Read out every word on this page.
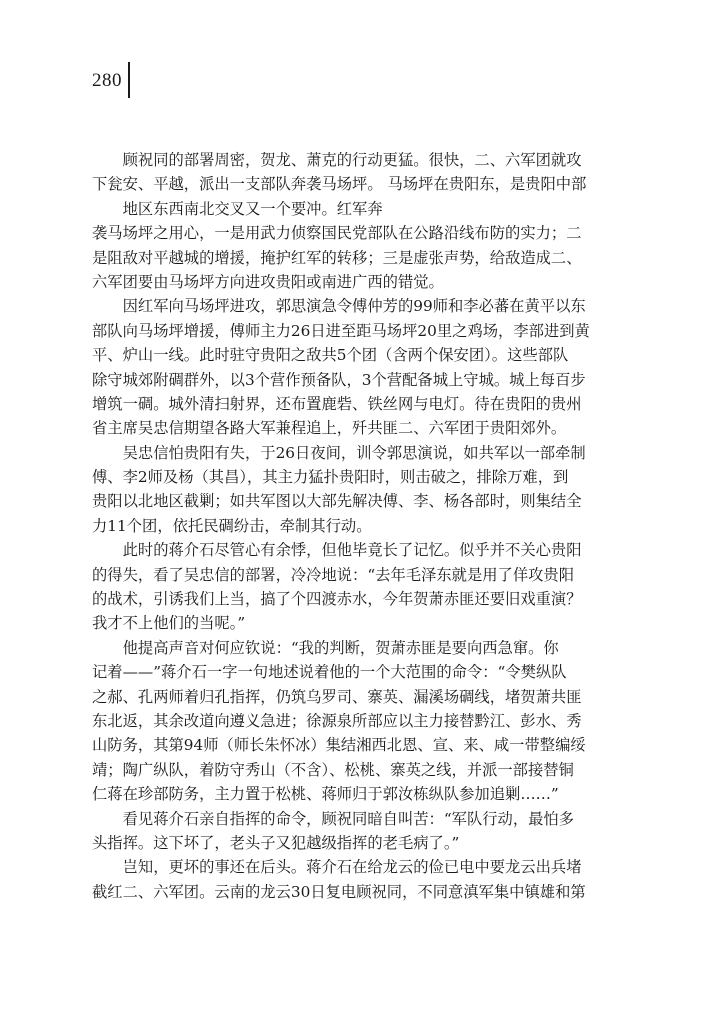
280
　　顾祝同的部署周密，贺龙、萧克的行动更猛。很快，二、六军团就攻
下瓮安、平越，派出一支部队奔袭马场坪。 马场坪在贵阳东，是贵阳中部
　　地区东西南北交叉又一个要冲。红军奔
袭马场坪之用心，一是用武力侦察国民党部队在公路沿线布防的实力；二
是阻敌对平越城的增援，掩护红军的转移；三是虚张声势，给敌造成二、
六军团要由马场坪方向进攻贵阳或南进广西的错觉。
　　因红军向马场坪进攻，郭思演急令傅仲芳的99师和李必蕃在黄平以东
部队向马场坪增援，傅师主力26日进至距马场坪20里之鸡场，李部进到黄
平、炉山一线。此时驻守贵阳之敌共5个团（含两个保安团）。这些部队
除守城郊附碉群外，以3个营作预备队，3个营配备城上守城。城上每百步
增筑一碉。城外清扫射界，还布置鹿砦、铁丝网与电灯。待在贵阳的贵州
省主席吴忠信期望各路大军兼程追上，歼共匪二、六军团于贵阳郊外。
　　吴忠信怕贵阳有失，于26日夜间，训令郭思演说，如共军以一部牵制
傅、李2师及杨（其昌），其主力猛扑贵阳时，则击破之，排除万难，到
贵阳以北地区截剿；如共军图以大部先解决傅、李、杨各部时，则集结全
力11个团，依托民碉纷击，牵制其行动。
　　此时的蒋介石尽管心有余悸，但他毕竟长了记忆。似乎并不关心贵阳
的得失，看了吴忠信的部署，冷冷地说：“去年毛泽东就是用了佯攻贵阳
的战术，引诱我们上当，搞了个四渡赤水，今年贺萧赤匪还要旧戏重演？
我才不上他们的当呢。”
　　他提高声音对何应钦说：“我的判断，贺萧赤匪是要向西急窜。你
记着——”蒋介石一字一句地述说着他的一个大范围的命令：“令樊纵队
之郝、孔两师着归孔指挥，仍筑乌罗司、寨英、漏溪场碉线，堵贺萧共匪
东北返，其余改道向遵义急进；徐源泉所部应以主力接替黔江、彭水、秀
山防务，其第94师（师长朱怀冰）集结湘西北恩、宣、来、咸一带整编绥
靖；陶广纵队，着防守秀山（不含）、松桃、寨英之线，并派一部接替铜
仁蒋在珍部防务，主力置于松桃、蒋师归于郭汝栋纵队参加追剿……”
　　看见蒋介石亲自指挥的命令，顾祝同暗自叫苦：“军队行动，最怕多
头指挥。这下坏了，老头子又犯越级指挥的老毛病了。”
　　岂知，更坏的事还在后头。蒋介石在给龙云的俭已电中要龙云出兵堵
截红二、六军团。云南的龙云30日复电顾祝同，不同意滇军集中镇雄和第
